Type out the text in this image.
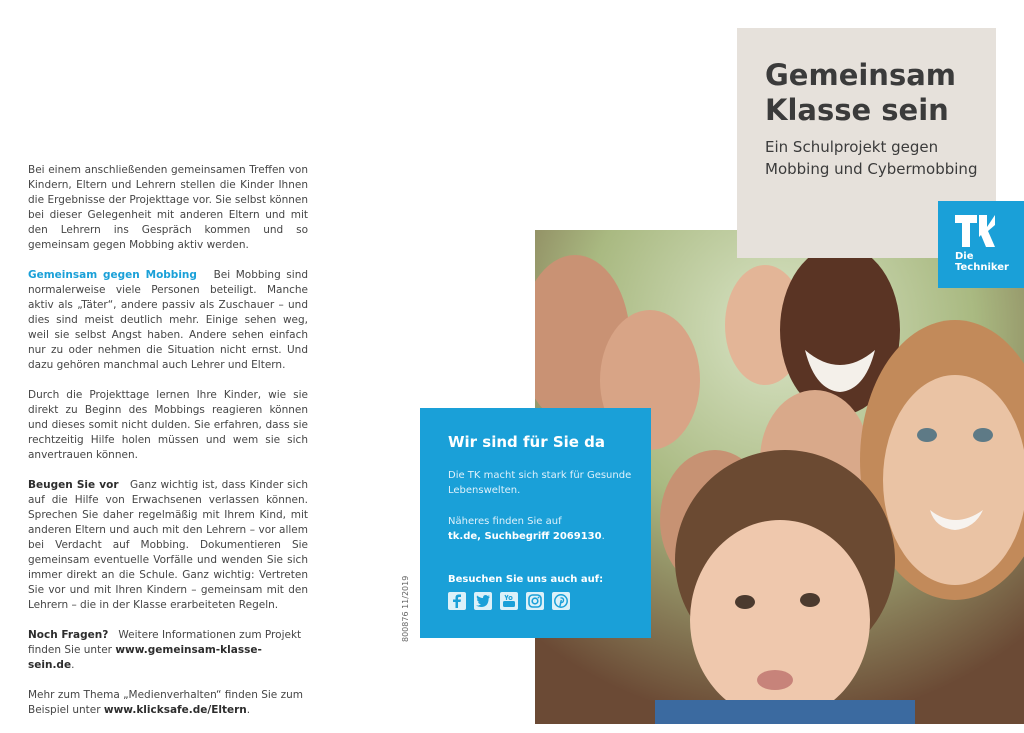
Bei einem anschließenden gemeinsamen Treffen von Kindern, Eltern und Lehrern stellen die Kinder Ihnen die Ergebnisse der Projekttage vor. Sie selbst können bei dieser Gelegenheit mit anderen Eltern und mit den Lehrern ins Gespräch kommen und so gemeinsam gegen Mobbing aktiv werden.

Gemeinsam gegen Mobbing Bei Mobbing sind normalerweise viele Personen beteiligt. Manche aktiv als „Täter“, andere passiv als Zuschauer – und dies sind meist deutlich mehr. Einige sehen weg, weil sie selbst Angst haben. Andere sehen einfach nur zu oder nehmen die Situation nicht ernst. Und dazu gehören manchmal auch Lehrer und Eltern.

Durch die Projekttage lernen Ihre Kinder, wie sie direkt zu Beginn des Mobbings reagieren können und dieses somit nicht dulden. Sie erfahren, dass sie rechtzeitig Hilfe holen müssen und wem sie sich anvertrauen können.

Beugen Sie vor Ganz wichtig ist, dass Kinder sich auf die Hilfe von Erwachsenen verlassen können. Sprechen Sie daher regelmäßig mit Ihrem Kind, mit anderen Eltern und auch mit den Lehrern – vor allem bei Verdacht auf Mobbing. Dokumentieren Sie gemeinsam eventuelle Vorfälle und wenden Sie sich immer direkt an die Schule. Ganz wichtig: Vertreten Sie vor und mit Ihren Kindern – gemeinsam mit den Lehrern – die in der Klasse erarbeiteten Regeln.

Noch Fragen? Weitere Informationen zum Projekt finden Sie unter www.gemeinsam-klasse-sein.de.

Mehr zum Thema „Medienverhalten“ finden Sie zum Beispiel unter www.klicksafe.de/Eltern.

800876 11/2019
Gemeinsam Klasse sein

Ein Schulprojekt gegen Mobbing und Cybermobbing

Die
Techniker

Wir sind für Sie da

Die TK macht sich stark für Gesunde Lebenswelten.

Näheres finden Sie auf
tk.de, Suchbegriff 2069130.

Besuchen Sie uns auch auf:
